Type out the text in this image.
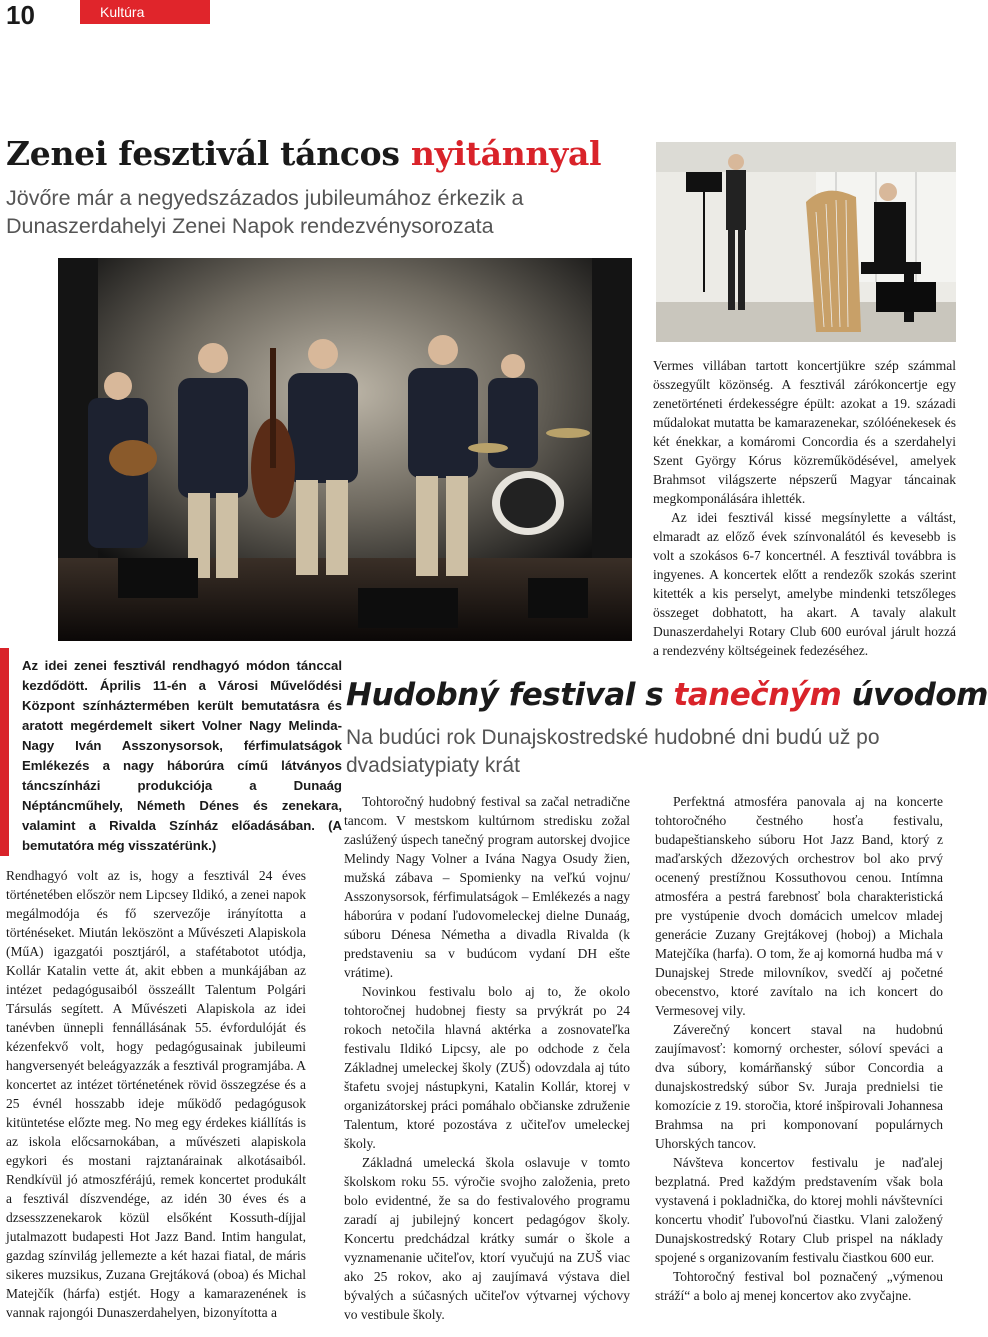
10	Kultúra
Zenei fesztivál táncos nyitánnyal
Jövőre már a negyedszázados jubileumához érkezik a Dunaszerdahelyi Zenei Napok rendezvénysorozata
Az idei zenei fesztivál rendhagyó módon tánccal kezdődött. Április 11-én a Városi Művelődési Központ színháztermében került bemutatásra és aratott megérdemelt sikert Volner Nagy Melinda-Nagy Iván Asszonysorsok, férfimulatságok Emlékezés a nagy háborúra című látványos táncszínházi produkciója a Dunaág Néptáncműhely, Németh Dénes és zenekara, valamint a Rivalda Színház előadásában. (A bemutatóra még visszatérünk.)

Rendhagyó volt az is, hogy a fesztivál 24 éves történetében először nem Lipcsey Ildikó, a zenei napok megálmodója és fő szervezője irányította a történéseket. Miután leköszönt a Művészeti Alapiskola (MűA) igazgatói posztjáról, a stafétabotot utódja, Kollár Katalin vette át, akit ebben a munkájában az intézet pedagógusaiból összeállt Talentum Polgári Társulás segített. A Művészeti Alapiskola az idei tanévben ünnepli fennállásának 55. évfordulóját és kézenfekvő volt, hogy pedagógusainak jubileumi hangversenyét beleágyazzák a fesztivál programjába. A koncertet az intézet történetének rövid összegzése és a 25 évnél hosszabb ideje működő pedagógusok kitüntetése előzte meg. No meg egy érdekes kiállítás is az iskola előcsarnokában, a művészeti alapiskola egykori és mostani rajztanárainak alkotásaiból. Rendkívül jó atmoszférájú, remek koncertet produkált a fesztivál díszvendége, az idén 30 éves és a dzsesszzenekarok közül elsőként Kossuth-díjjal jutalmazott budapesti Hot Jazz Band. Intim hangulat, gazdag színvilág jellemezte a két hazai fiatal, de máris sikeres muzsikus, Zuzana Grejtáková (oboa) és Michal Matejčík (hárfa) estjét. Hogy a kamarazenének is vannak rajongói Dunaszerdahelyen, bizonyította a

Vermes villában tartott koncertjükre szép számmal összegyűlt közönség. A fesztivál zárókoncertje egy zenetörténeti érdekességre épült: azokat a 19. századi műdalokat mutatta be kamarazenekar, szólóénekesek és két énekkar, a komáromi Concordia és a szerdahelyi Szent György Kórus közreműködésével, amelyek Brahmsot világszerte népszerű Magyar táncainak megkomponálására ihlették.

Az idei fesztivál kissé megsínylette a váltást, elmaradt az előző évek színvonalától és kevesebb is volt a szokásos 6-7 koncertnél. A fesztivál továbbra is ingyenes. A koncertek előtt a rendezők szokás szerint kitették a kis perselyt, amelybe mindenki tetszőleges összeget dobhatott, ha akart. A tavaly alakult Dunaszerdahelyi Rotary Club 600 euróval járult hozzá a rendezvény költségeinek fedezéséhez.

Hudobný festival s tanečným úvodom
Na budúci rok Dunajskostredské hudobné dni budú už po dvadsiatypiaty krát

Tohtoročný hudobný festival sa začal netradične tancom. V mestskom kultúrnom stredisku zožal zaslúžený úspech tanečný program autorskej dvojice Melindy Nagy Volner a Ivána Nagya Osudy žien, mužská zábava – Spomienky na veľkú vojnu/ Asszonysorsok, férfimulatságok – Emlékezés a nagy háborúra v podaní ľudovomeleckej dielne Dunaág, súboru Dénesa Németha a divadla Rivalda (k predstaveniu sa v budúcom vydaní DH ešte vrátime).

Novinkou festivalu bolo aj to, že okolo tohtoročnej hudobnej fiesty sa prvýkrát po 24 rokoch netočila hlavná aktérka a zosnovateľka festivalu Ildikó Lipcsy, ale po odchode z čela Základnej umeleckej školy (ZUŠ) odovzdala aj túto štafetu svojej nástupkyni, Katalin Kollár, ktorej v organizátorskej práci pomáhalo občianske združenie Talentum, ktoré pozostáva z učiteľov umeleckej školy.

Základná umelecká škola oslavuje v tomto školskom roku 55. výročie svojho založenia, preto bolo evidentné, že sa do festivalového programu zaradí aj jubilejný koncert pedagógov školy. Koncertu predchádzal krátky sumár o škole a vyznamenanie učiteľov, ktorí vyučujú na ZUŠ viac ako 25 rokov, ako aj zaujímavá výstava diel bývalých a súčasných učiteľov výtvarnej výchovy vo vestibule školy.

Perfektná atmosféra panovala aj na koncerte tohtoročného čestného hosťa festivalu, budapeštianskeho súboru Hot Jazz Band, ktorý z maďarských džezových orchestrov bol ako prvý ocenený prestížnou Kossuthovou cenou. Intímna atmosféra a pestrá farebnosť bola charakteristická pre vystúpenie dvoch domácich umelcov mladej generácie Zuzany Grejtákovej (hoboj) a Michala Matejčíka (harfa). O tom, že aj komorná hudba má v Dunajskej Strede milovníkov, svedčí aj početné obecenstvo, ktoré zavítalo na ich koncert do Vermesovej vily.

Záverečný koncert staval na hudobnú zaujímavosť: komorný orchester, sóloví speváci a dva súbory, komárňanský súbor Concordia a dunajskostredský súbor Sv. Juraja prednielsi tie komozície z 19. storočia, ktoré inšpirovali Johannesa Brahmsa na pri komponovaní populárnych Uhorských tancov.

Návšteva koncertov festivalu je naďalej bezplatná. Pred každým predstavením však bola vystavená i pokladnička, do ktorej mohli návštevníci koncertu vhodiť ľubovoľnú čiastku. Vlani založený Dunajskostredský Rotary Club prispel na náklady spojené s organizovaním festivalu čiastkou 600 eur.

Tohtoročný festival bol poznačený „výmenou stráží“ a bolo aj menej koncertov ako zvyčajne.
